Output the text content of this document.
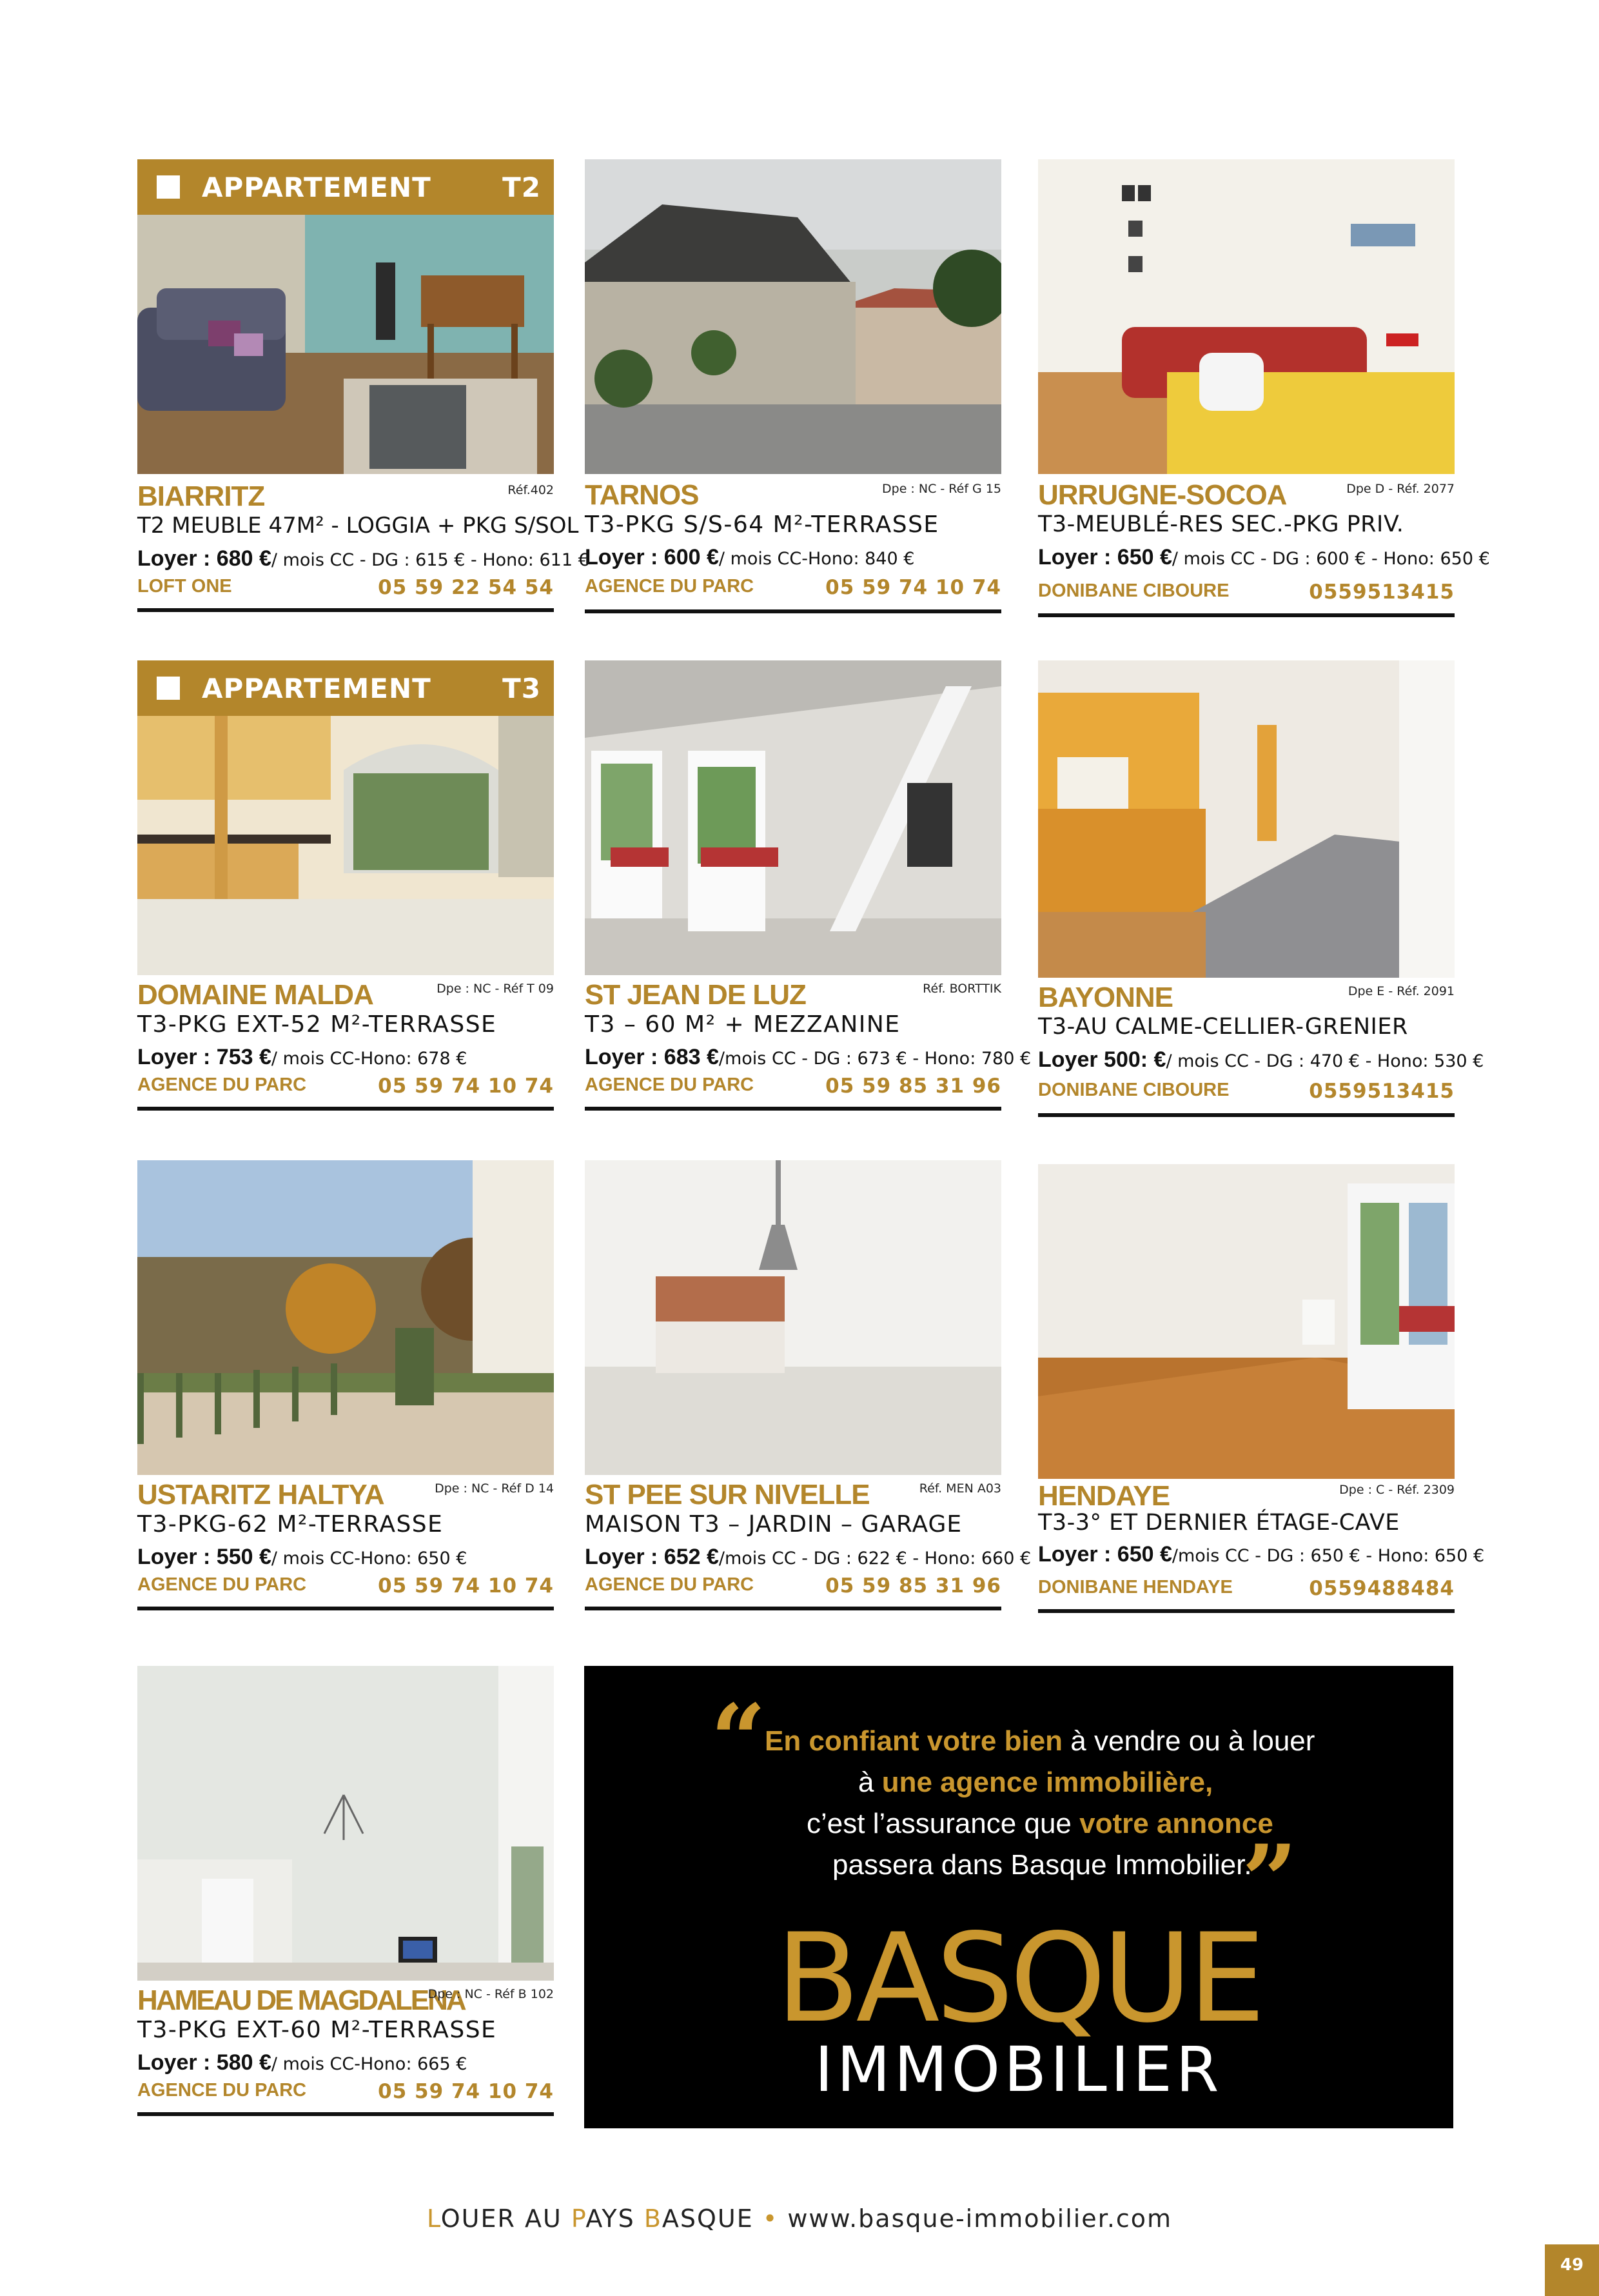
APPARTEMENT	T2
BIARRITZ	Réf.402
T2 MEUBLE 47M² - LOGGIA + PKG S/SOL
Loyer : 680 €/ mois CC - DG : 615 € - Hono: 611 €
LOFT ONE	05 59 22 54 54
TARNOS	Dpe : NC - Réf G 15
T3-PKG S/S-64 M²-TERRASSE
Loyer : 600 €/ mois CC-Hono: 840 €
AGENCE DU PARC	05 59 74 10 74
URRUGNE-SOCOA	Dpe D - Réf. 2077
T3-MEUBLÉ-RES SEC.-PKG PRIV.
Loyer : 650 €/ mois CC - DG : 600 € - Hono: 650 €
DONIBANE CIBOURE	0559513415
APPARTEMENT	T3
DOMAINE MALDA	Dpe : NC - Réf T 09
T3-PKG EXT-52 M²-TERRASSE
Loyer : 753 €/ mois CC-Hono: 678 €
AGENCE DU PARC	05 59 74 10 74
ST JEAN DE LUZ	Réf. BORTTIK
T3 – 60 M² + MEZZANINE
Loyer : 683 €/mois CC - DG : 673 € - Hono: 780 €
AGENCE DU PARC	05 59 85 31 96
BAYONNE	Dpe E - Réf. 2091
T3-AU CALME-CELLIER-GRENIER
Loyer 500: €/ mois CC - DG : 470 € - Hono: 530 €
DONIBANE CIBOURE	0559513415
USTARITZ HALTYA	Dpe : NC - Réf D 14
T3-PKG-62 M²-TERRASSE
Loyer : 550 €/ mois CC-Hono: 650 €
AGENCE DU PARC	05 59 74 10 74
ST PEE SUR NIVELLE	Réf. MEN A03
MAISON T3 – JARDIN – GARAGE
Loyer : 652 €/mois CC - DG : 622 € - Hono: 660 €
AGENCE DU PARC	05 59 85 31 96
HENDAYE	Dpe : C - Réf. 2309
T3-3° ET DERNIER ÉTAGE-CAVE
Loyer : 650 €/mois CC - DG : 650 € - Hono: 650 €
DONIBANE HENDAYE	0559488484
HAMEAU DE MAGDALENA
Dpe : NC - Réf B 102
T3-PKG EXT-60 M²-TERRASSE
Loyer : 580 €/ mois CC-Hono: 665 €
AGENCE DU PARC	05 59 74 10 74
“
En confiant votre bien à vendre ou à louer
à une agence immobilière,
c’est l’assurance que votre annonce
passera dans Basque Immobilier.
”
BASQUE
IMMOBILIER
LOUER AU PAYS BASQUE • www.basque-immobilier.com
49
